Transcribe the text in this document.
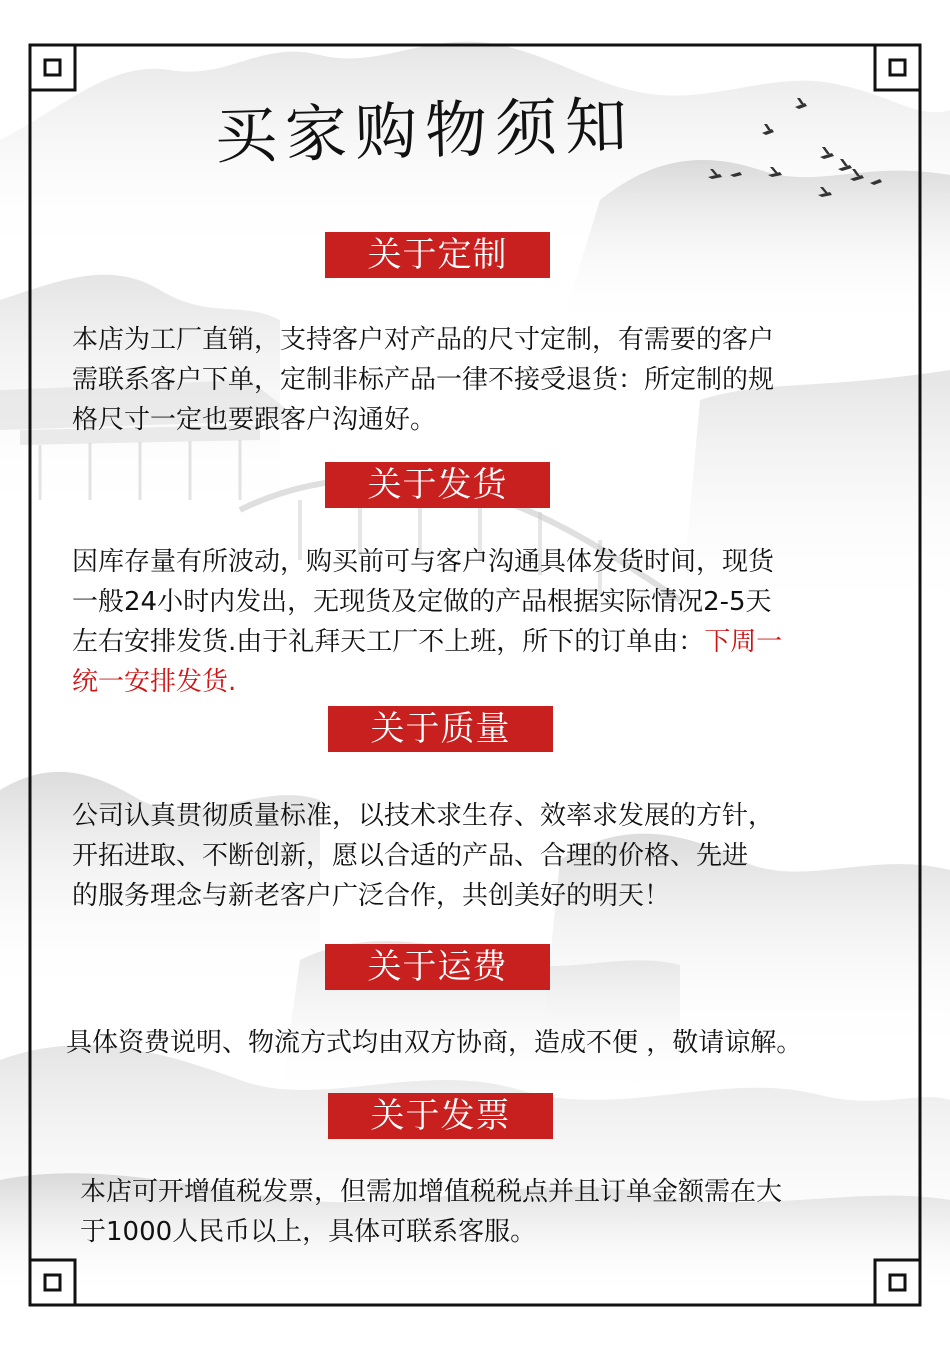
买家购物须知
关于定制
本店为工厂直销，支持客户对产品的尺寸定制，有需要的客户
需联系客户下单，定制非标产品一律不接受退货：所定制的规
格尺寸一定也要跟客户沟通好。
关于发货
因库存量有所波动，购买前可与客户沟通具体发货时间，现货
一般24小时内发出，无现货及定做的产品根据实际情况2-5天
左右安排发货.由于礼拜天工厂不上班，所下的订单由：下周一
统一安排发货.
关于质量
公司认真贯彻质量标准，以技术求生存、效率求发展的方针，
开拓进取、不断创新，愿以合适的产品、合理的价格、先进
的服务理念与新老客户广泛合作，共创美好的明天！
关于运费
具体资费说明、物流方式均由双方协商，造成不便 ，敬请谅解。
关于发票
本店可开增值税发票，但需加增值税税点并且订单金额需在大
于1000人民币以上，具体可联系客服。
